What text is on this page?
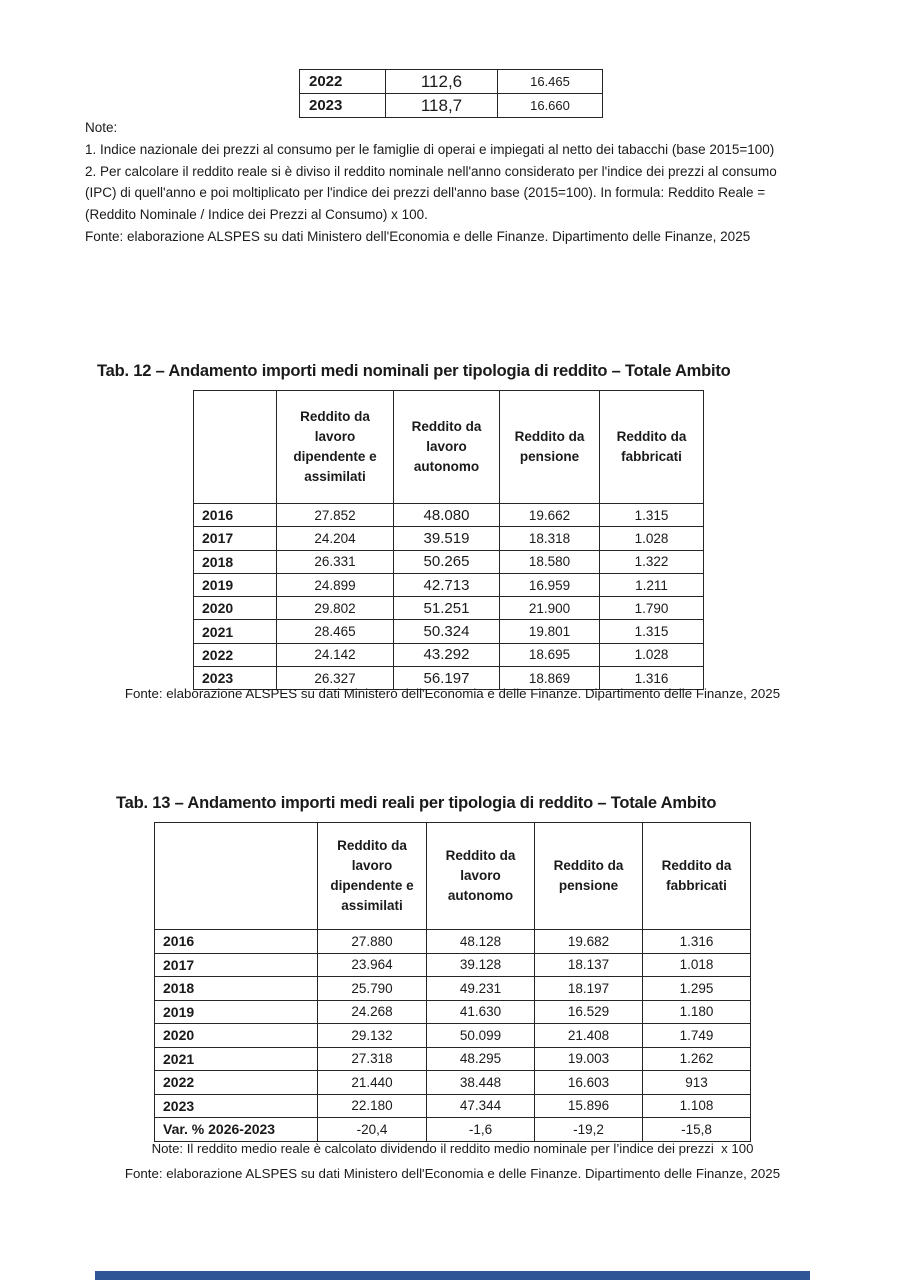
2022	112,6	16.465
2023	118,7	16.660

Note:

1. Indice nazionale dei prezzi al consumo per le famiglie di operai e impiegati al netto dei tabacchi (base 2015=100)

2. Per calcolare il reddito reale si è diviso il reddito nominale nell'anno considerato per l'indice dei prezzi al consumo (IPC) di quell'anno e poi moltiplicato per l'indice dei prezzi dell'anno base (2015=100). In formula: Reddito Reale = (Reddito Nominale / Indice dei Prezzi al Consumo) x 100.

Fonte: elaborazione ALSPES su dati Ministero dell'Economia e delle Finanze. Dipartimento delle Finanze, 2025

Tab. 12 – Andamento importi medi nominali per tipologia di reddito – Totale Ambito
	Reddito da lavoro dipendente e assimilati	Reddito da lavoro autonomo	Reddito da pensione	Reddito da fabbricati
2016	27.852	48.080	19.662	1.315
2017	24.204	39.519	18.318	1.028
2018	26.331	50.265	18.580	1.322
2019	24.899	42.713	16.959	1.211
2020	29.802	51.251	21.900	1.790
2021	28.465	50.324	19.801	1.315
2022	24.142	43.292	18.695	1.028
2023	26.327	56.197	18.869	1.316
Fonte: elaborazione ALSPES su dati Ministero dell'Economia e delle Finanze. Dipartimento delle Finanze, 2025
Tab. 13 – Andamento importi medi reali per tipologia di reddito – Totale Ambito
	Reddito da lavoro dipendente e assimilati	Reddito da lavoro autonomo	Reddito da pensione	Reddito da fabbricati
2016	27.880	48.128	19.682	1.316
2017	23.964	39.128	18.137	1.018
2018	25.790	49.231	18.197	1.295
2019	24.268	41.630	16.529	1.180
2020	29.132	50.099	21.408	1.749
2021	27.318	48.295	19.003	1.262
2022	21.440	38.448	16.603	913
2023	22.180	47.344	15.896	1.108
Var. % 2026-2023	-20,4	-1,6	-19,2	-15,8
Note: Il reddito medio reale è calcolato dividendo il reddito medio nominale per l’indice dei prezzi  x 100
Fonte: elaborazione ALSPES su dati Ministero dell'Economia e delle Finanze. Dipartimento delle Finanze, 2025
